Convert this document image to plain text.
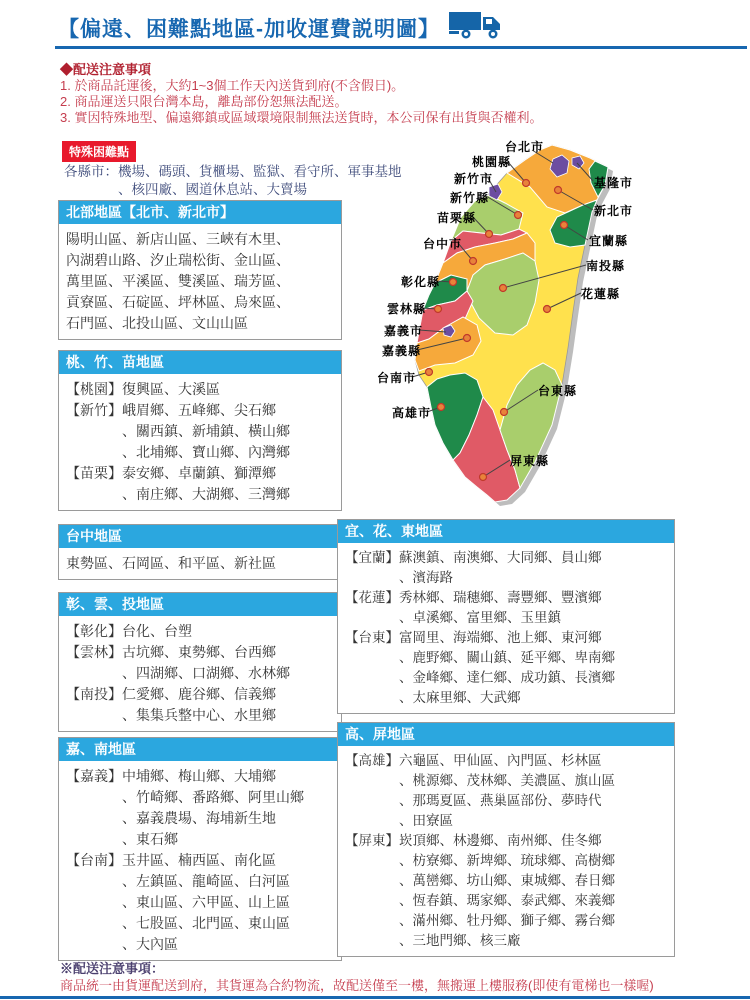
【偏遠、困難點地區-加收運費説明圖】
◆配送注意事項
1. 於商品託運後，大約1~3個工作天內送貨到府(不含假日)。
2. 商品運送只限台灣本島，離島部份恕無法配送。
3. 實因特殊地型、偏遠鄉鎮或區域環境限制無法送貨時，本公司保有出貨與否權利。
特殊困難點
各縣市：機場、碼頭、貨櫃場、監獄、看守所、軍事基地
　　　　、核四廠、國道休息站、大賣場
北部地區【北市、新北市】
陽明山區、新店山區、三峽有木里、
內湖碧山路、汐止瑞松街、金山區、
萬里區、平溪區、雙溪區、瑞芳區、
貢寮區、石碇區、坪林區、烏來區、
石門區、北投山區、文山山區
桃、竹、苗地區
【桃園】復興區、大溪區
【新竹】峨眉鄉、五峰鄉、尖石鄉
　　　　、關西鎮、新埔鎮、橫山鄉
　　　　、北埔鄉、寶山鄉、內灣鄉
【苗栗】泰安鄉、卓蘭鎮、獅潭鄉
　　　　、南庄鄉、大湖鄉、三灣鄉
台中地區
東勢區、石岡區、和平區、新社區
彰、雲、投地區
【彰化】台化、台塑
【雲林】古坑鄉、東勢鄉、台西鄉
　　　　、四湖鄉、口湖鄉、水林鄉
【南投】仁愛鄉、鹿谷鄉、信義鄉
　　　　、集集兵整中心、水里鄉
嘉、南地區
【嘉義】中埔鄉、梅山鄉、大埔鄉
　　　　、竹崎鄉、番路鄉、阿里山鄉
　　　　、嘉義農場、海埔新生地
　　　　、東石鄉
【台南】玉井區、楠西區、南化區
　　　　、左鎮區、龍崎區、白河區
　　　　、東山區、六甲區、山上區
　　　　、七股區、北門區、東山區
　　　　、大內區
宜、花、東地區
【宜蘭】蘇澳鎮、南澳鄉、大同鄉、員山鄉
　　　　、濱海路
【花蓮】秀林鄉、瑞穗鄉、壽豐鄉、豐濱鄉
　　　　、卓溪鄉、富里鄉、玉里鎮
【台東】富岡里、海端鄉、池上鄉、東河鄉
　　　　、鹿野鄉、關山鎮、延平鄉、卑南鄉
　　　　、金峰鄉、達仁鄉、成功鎮、長濱鄉
　　　　、太麻里鄉、大武鄉
高、屏地區
【高雄】六龜區、甲仙區、內門區、杉林區
　　　　、桃源鄉、茂林鄉、美濃區、旗山區
　　　　、那瑪夏區、燕巢區部份、夢時代
　　　　、田寮區
【屏東】崁頂鄉、林邊鄉、南州鄉、佳冬鄉
　　　　、枋寮鄉、新埤鄉、琉球鄉、高樹鄉
　　　　、萬巒鄉、坊山鄉、東城鄉、春日鄉
　　　　、恆春鎮、瑪家鄉、泰武鄉、來義鄉
　　　　、滿州鄉、牡丹鄉、獅子鄉、霧台鄉
　　　　、三地門鄉、核三廠
台北市
桃園縣
新竹市
新竹縣
苗栗縣
台中市
彰化縣
雲林縣
嘉義市
嘉義縣
台南市
高雄市
基隆市
新北市
宜蘭縣
南投縣
花蓮縣
台東縣
屏東縣
※配送注意事項：
商品統一由貨運配送到府，其貨運為合約物流，故配送僅至一樓，無搬運上樓服務(即使有電梯也一樣喔)
